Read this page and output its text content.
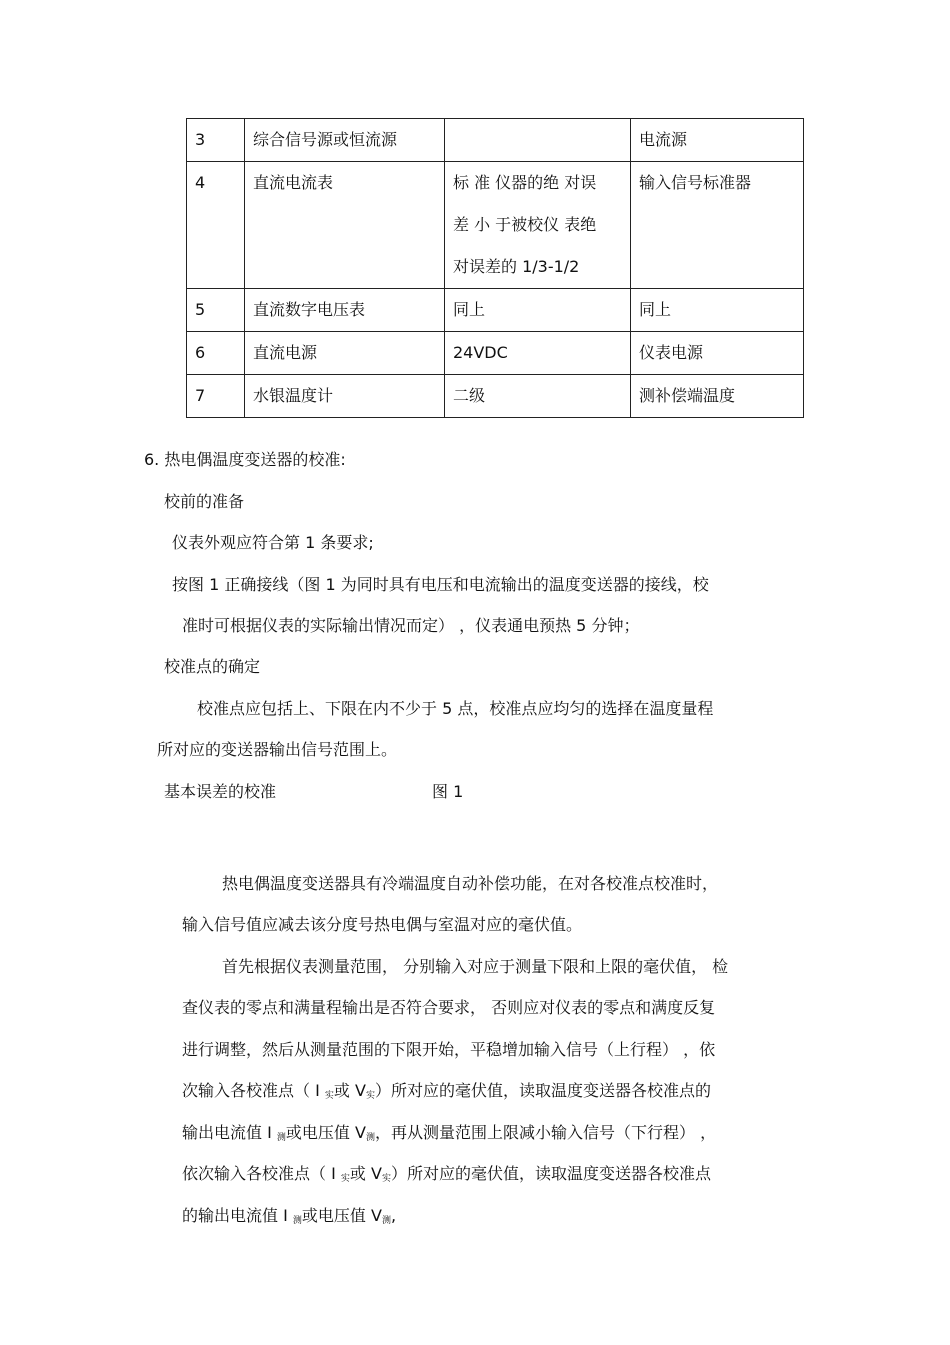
3	综合信号源或恒流源		电流源
4	直流电流表	标 准 仪器的绝 对误
差 小 于被校仪 表绝
对误差的 1/3-1/2	输入信号标准器
5	直流数字电压表	同上	同上
6	直流电源	24VDC	仪表电源
7	水银温度计	二级	测补偿端温度
6. 热电偶温度变送器的校准:
校前的准备
仪表外观应符合第 1 条要求;
按图 1 正确接线（图 1 为同时具有电压和电流输出的温度变送器的接线，校
准时可根据仪表的实际输出情况而定） ，仪表通电预热 5 分钟；
校准点的确定
校准点应包括上、下限在内不少于 5 点，校准点应均匀的选择在温度量程
所对应的变送器输出信号范围上。
基本误差的校准	图 1
热电偶温度变送器具有冷端温度自动补偿功能，在对各校准点校准时，
输入信号值应减去该分度号热电偶与室温对应的毫伏值。
首先根据仪表测量范围， 分别输入对应于测量下限和上限的毫伏值， 检
查仪表的零点和满量程输出是否符合要求， 否则应对仪表的零点和满度反复
进行调整，然后从测量范围的下限开始，平稳增加输入信号（上行程） ，依
次输入各校准点（ I $_实$或 $V_实$）所对应的毫伏值，读取温度变送器各校准点的
输出电流值 I $_测$或电压值 $V_测$，再从测量范围上限减小输入信号（下行程） ，
依次输入各校准点（ I $_实$或 $V_实$）所对应的毫伏值，读取温度变送器各校准点
的输出电流值 I $_测$或电压值 $V_测$,
